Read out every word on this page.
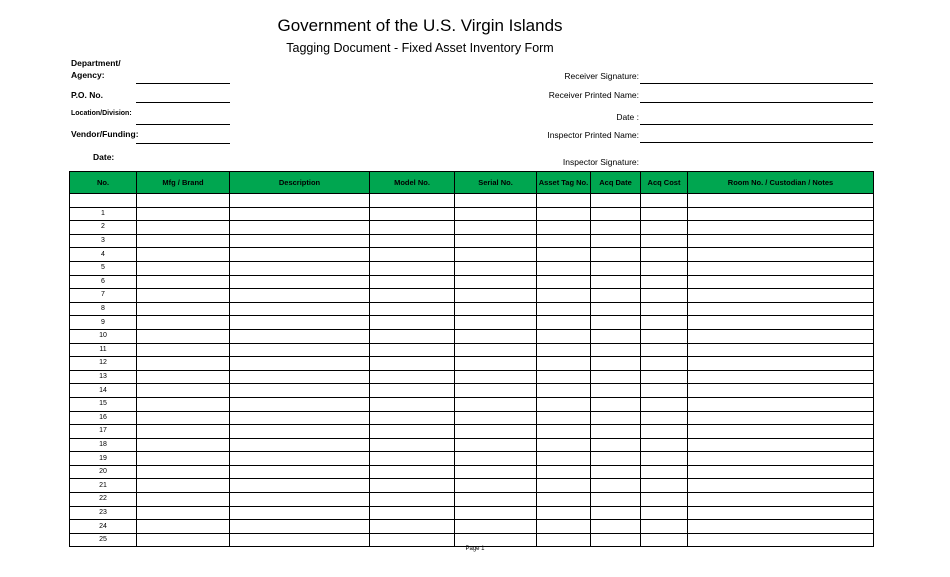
Government of the U.S. Virgin Islands
Tagging Document - Fixed Asset Inventory Form
Department/
Agency:
P.O. No.
Location/Division:
Vendor/Funding:
Date:
Receiver Signature:
Receiver Printed Name:
Date :
Inspector Printed Name:
Inspector Signature:
No.	Mfg / Brand	Description	Model No.	Serial No.	Asset Tag No.	Acq Date	Acq Cost	Room No. / Custodian / Notes

1								
2								
3								
4								
5								
6								
7								
8								
9								
10								
11								
12								
13								
14								
15								
16								
17								
18								
19								
20								
21								
22								
23								
24								
25								
Page 1
